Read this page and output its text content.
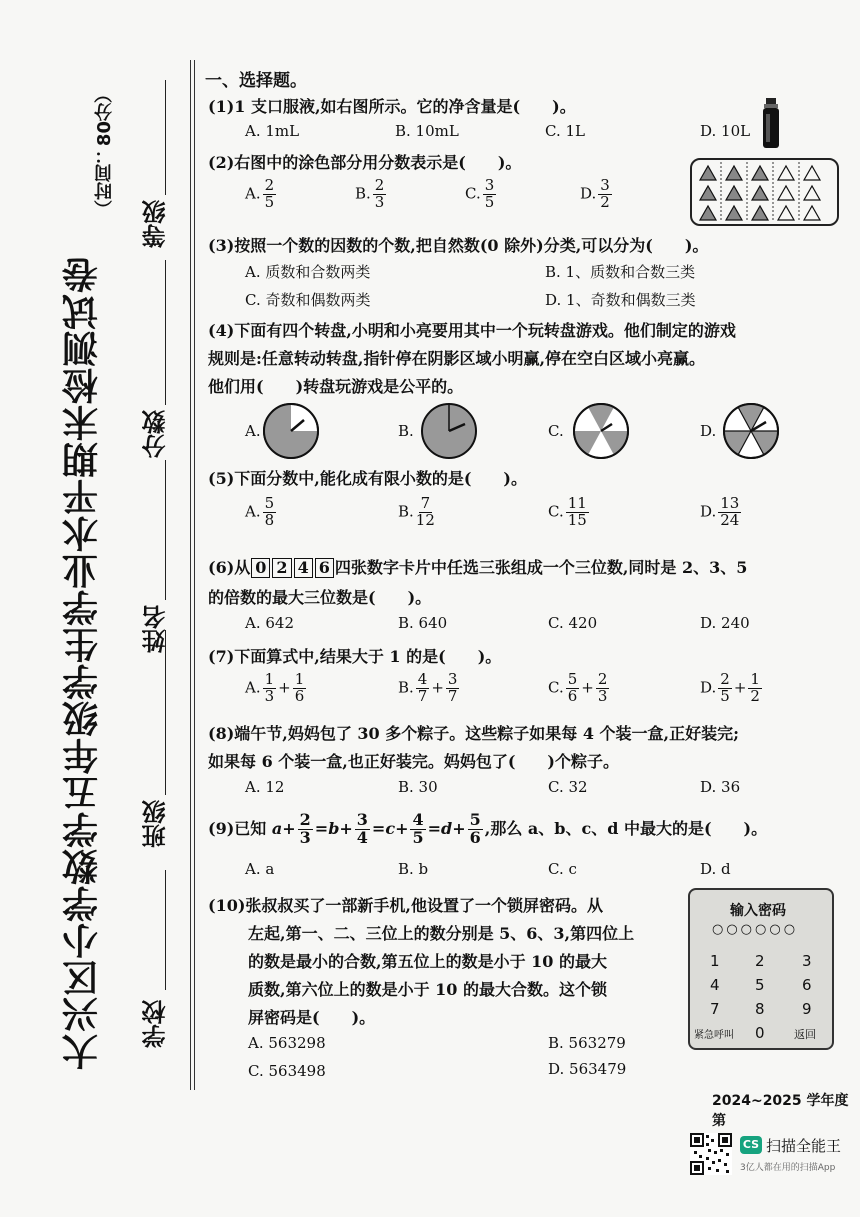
大兴区小学数学五年级学生学业水平期末检测试卷
（时间：80分）
学校
班级
姓名
分数
等级
一、选择题。
(1)1 支口服液,如右图所示。它的净含量是(　　)。
A. 1mL	B. 10mL	C. 1L	D. 10L
(2)右图中的涂色部分用分数表示是(　　)。
A. $\frac{2}{5}$	B. $\frac{2}{3}$	C. $\frac{3}{5}$	D. $\frac{3}{2}$
(3)按照一个数的因数的个数,把自然数(0 除外)分类,可以分为(　　)。
A. 质数和合数两类	B. 1、质数和合数三类
C. 奇数和偶数两类	D. 1、奇数和偶数三类
(4)下面有四个转盘,小明和小亮要用其中一个玩转盘游戏。他们制定的游戏
规则是:任意转动转盘,指针停在阴影区域小明赢,停在空白区域小亮赢。
他们用(　　)转盘玩游戏是公平的。
A.	B.	C.	D.
(5)下面分数中,能化成有限小数的是(　　)。
A. $\frac{5}{8}$	B. $\frac{7}{12}$	C. $\frac{11}{15}$	D. $\frac{13}{24}$
(6)从 0 2 4 6 四张数字卡片中任选三张组成一个三位数,同时是 2、3、5
的倍数的最大三位数是(　　)。
A. 642	B. 640	C. 420	D. 240
(7)下面算式中,结果大于 1 的是(　　)。
A. $\frac{1}{3} + \frac{1}{6}$	B. $\frac{4}{7} + \frac{3}{7}$	C. $\frac{5}{6} + \frac{2}{3}$	D. $\frac{2}{5} + \frac{1}{2}$
(8)端午节,妈妈包了 30 多个粽子。这些粽子如果每 4 个装一盒,正好装完;
如果每 6 个装一盒,也正好装完。妈妈包了(　　)个粽子。
A. 12	B. 30	C. 32	D. 36
(9)已知 $a+ \frac{2}{3} =b+ \frac{3}{4} =c+ \frac{4}{5} =d+ \frac{5}{6}$ ,那么 a、b、c、d 中最大的是(　　)。
A. a	B. b	C. c	D. d
(10)张叔叔买了一部新手机,他设置了一个锁屏密码。从
左起,第一、二、三位上的数分别是 5、6、3,第四位上
的数是最小的合数,第五位上的数是小于 10 的最大
质数,第六位上的数是小于 10 的最大合数。这个锁
屏密码是(　　)。
A. 563298	B. 563279
C. 563498	D. 563479
输入密码
○○○○○○
1 2 3
4 5 6
7 8 9
紧急呼叫 0	返回
2024~2025 学年度第
CS 扫描全能王
3亿人都在用的扫描App
